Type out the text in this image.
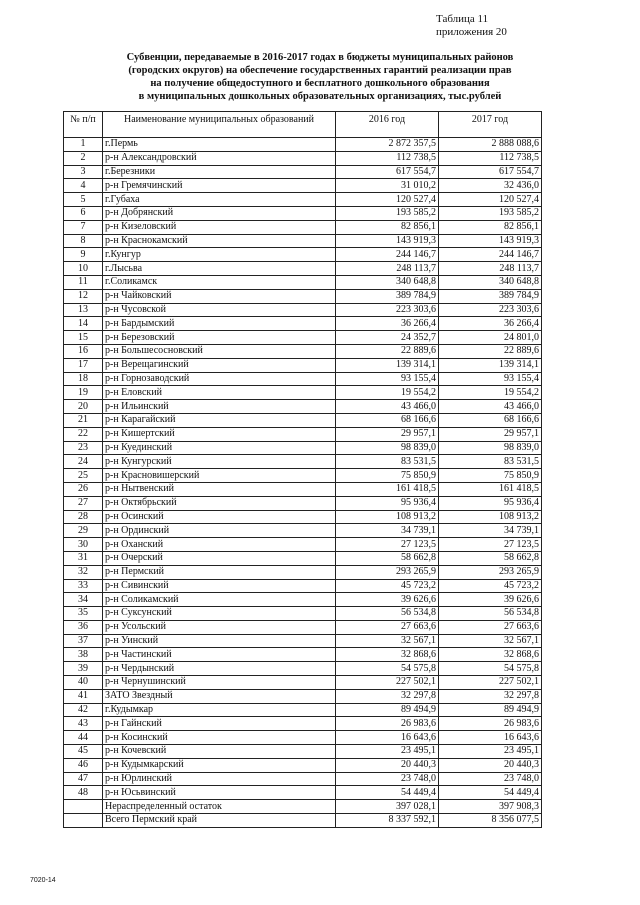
Таблица 11
приложения 20
Субвенции, передаваемые в 2016-2017 годах в бюджеты муниципальных районов
(городских округов) на обеспечение государственных гарантий реализации прав
на получение общедоступного и бесплатного дошкольного образования
в муниципальных дошкольных образовательных организациях, тыс.рублей
№ п/п	Наименование муниципальных образований	2016 год	2017 год
1	г.Пермь	2 872 357,5	2 888 088,6
2	р-н Александровский	112 738,5	112 738,5
3	г.Березники	617 554,7	617 554,7
4	р-н Гремячинский	31 010,2	32 436,0
5	г.Губаха	120 527,4	120 527,4
6	р-н Добрянский	193 585,2	193 585,2
7	р-н Кизеловский	82 856,1	82 856,1
8	р-н Краснокамский	143 919,3	143 919,3
9	г.Кунгур	244 146,7	244 146,7
10	г.Лысьва	248 113,7	248 113,7
11	г.Соликамск	340 648,8	340 648,8
12	р-н Чайковский	389 784,9	389 784,9
13	р-н Чусовской	223 303,6	223 303,6
14	р-н Бардымский	36 266,4	36 266,4
15	р-н Березовский	24 352,7	24 801,0
16	р-н Большесосновский	22 889,6	22 889,6
17	р-н Верещагинский	139 314,1	139 314,1
18	р-н Горнозаводский	93 155,4	93 155,4
19	р-н Еловский	19 554,2	19 554,2
20	р-н Ильинский	43 466,0	43 466,0
21	р-н Карагайский	68 166,6	68 166,6
22	р-н Кишертский	29 957,1	29 957,1
23	р-н Куединский	98 839,0	98 839,0
24	р-н Кунгурский	83 531,5	83 531,5
25	р-н Красновишерский	75 850,9	75 850,9
26	р-н Нытвенский	161 418,5	161 418,5
27	р-н Октябрьский	95 936,4	95 936,4
28	р-н Осинский	108 913,2	108 913,2
29	р-н Ординский	34 739,1	34 739,1
30	р-н Оханский	27 123,5	27 123,5
31	р-н Очерский	58 662,8	58 662,8
32	р-н Пермский	293 265,9	293 265,9
33	р-н Сивинский	45 723,2	45 723,2
34	р-н Соликамский	39 626,6	39 626,6
35	р-н Суксунский	56 534,8	56 534,8
36	р-н Усольский	27 663,6	27 663,6
37	р-н Уинский	32 567,1	32 567,1
38	р-н Частинский	32 868,6	32 868,6
39	р-н Чердынский	54 575,8	54 575,8
40	р-н Чернушинский	227 502,1	227 502,1
41	ЗАТО Звездный	32 297,8	32 297,8
42	г.Кудымкар	89 494,9	89 494,9
43	р-н Гайнский	26 983,6	26 983,6
44	р-н Косинский	16 643,6	16 643,6
45	р-н Кочевский	23 495,1	23 495,1
46	р-н Кудымкарский	20 440,3	20 440,3
47	р-н Юрлинский	23 748,0	23 748,0
48	р-н Юсьвинский	54 449,4	54 449,4
	Нераспределенный остаток	397 028,1	397 908,3
	Всего Пермский край	8 337 592,1	8 356 077,5
7020-14
